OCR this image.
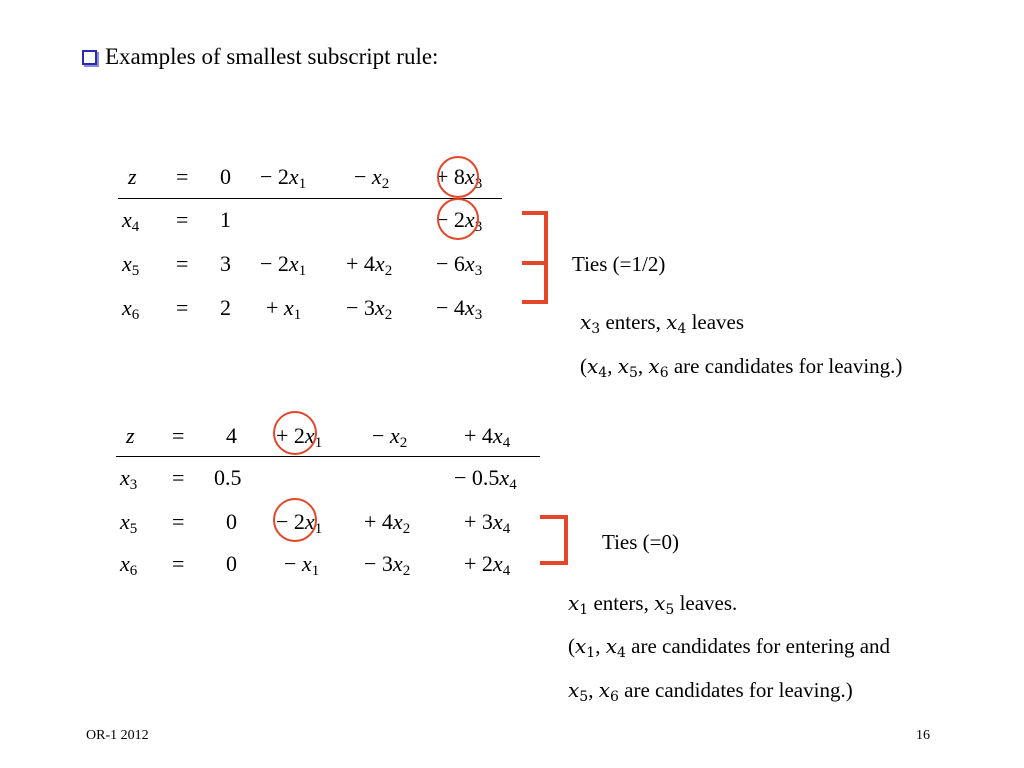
Examples of smallest subscript rule:
$z = 0 - 2x_1 - x_2 + 8x_3$
$x_4 = 1$	− $2x_3$
$x_5 = 3 - 2x_1 + 4x_2 - 6x_3$
$x_6 = 2 + x_1 - 3x_2 - 4x_3$
Ties (=1/2)
$x_3$ enters, $x_4$ leaves
($x_4$, $x_5$, $x_6$ are candidates for leaving.)
$z = 4 + 2x_1 - x_2$	+ $4x_4$
$x_3 = 0.5$	− $0.5x_4$
$x_5 = 0 - 2x_1 + 4x_2 + 3x_4$
$x_6 = 0 - x_1 - 3x_2 + 2x_4$
Ties (=0)
$x_1$ enters, $x_5$ leaves.
($x_1$, $x_4$ are candidates for entering and
$x_5$, $x_6$ are candidates for leaving.)
OR-1 2012	16
